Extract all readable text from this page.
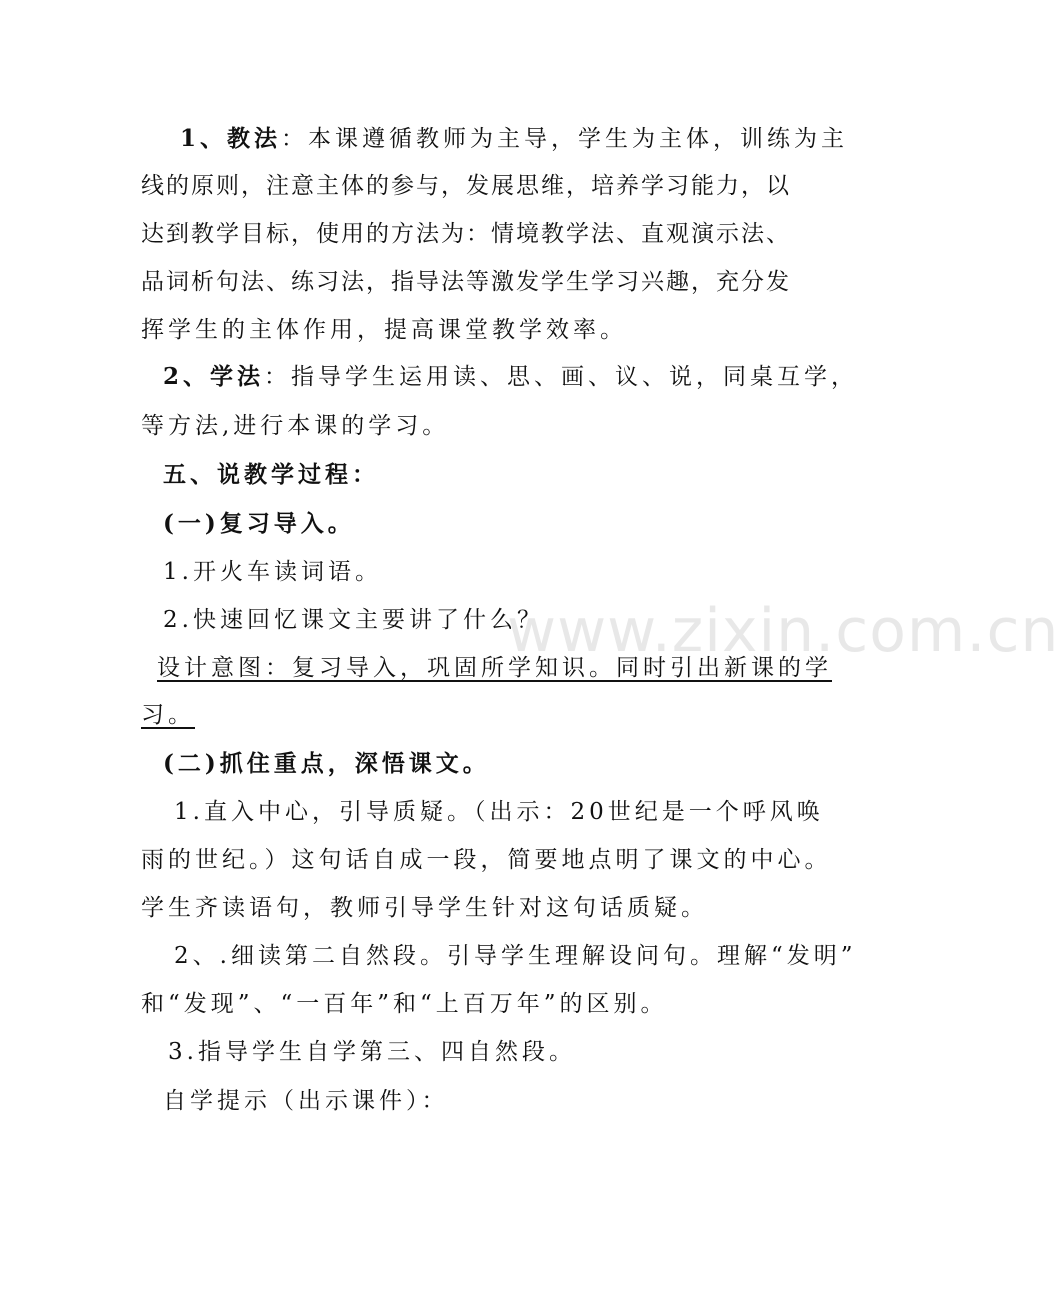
1、教法：本课遵循教师为主导，学生为主体，训练为主
线的原则，注意主体的参与，发展思维，培养学习能力，以
达到教学目标，使用的方法为：情境教学法、直观演示法、
品词析句法、练习法，指导法等激发学生学习兴趣，充分发
挥学生的主体作用，提高课堂教学效率。
2、学法：指导学生运用读、思、画、议、说，同桌互学，
等方法,进行本课的学习。
五、说教学过程：
(一)复习导入。
1.开火车读词语。
2.快速回忆课文主要讲了什么？
设计意图：复习导入，巩固所学知识。同时引出新课的学
习。
(二)抓住重点，深悟课文。
1.直入中心，引导质疑。（出示：20世纪是一个呼风唤
雨的世纪。）这句话自成一段，简要地点明了课文的中心。
学生齐读语句，教师引导学生针对这句话质疑。
2、.细读第二自然段。引导学生理解设问句。理解“发明”
和“发现”、“一百年”和“上百万年”的区别。
3.指导学生自学第三、四自然段。
自学提示（出示课件）：
www.zixin.com.cn
